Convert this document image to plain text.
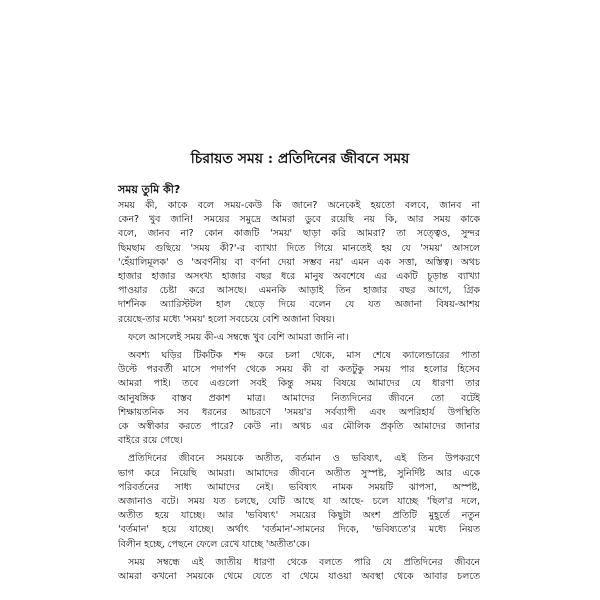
চিরায়ত সময় : প্রতিদিনের জীবনে সময়
সময় তুমি কী?
সময় কী, কাকে বলে সময়-কেউ কি জানে? অনেকেই হয়তো বলবে, জানব না
কেন? খুব জানি! সময়ের সমুদ্রে আমরা ডুবে রয়েছি নয় কি, আর সময় কাকে
বলে, জানব না? কোন কাজটি 'সময়' ছাড়া করি আমরা? তা সত্ত্বেও, সুন্দর
ছিমছাম গুছিয়ে 'সময় কী?'-র ব্যাখ্যা দিতে গিয়ে মানতেই হয় যে 'সময়' আসলে
'হেঁয়ালিমূলক' ও 'অবর্ণনীয় বা বর্ণনা দেয়া সম্ভব নয়' এমন এক সত্তা, অস্তিত্ব। অথচ
হাজার হাজার অসংখ্য হাজার বছর ধরে মানুষ অবশেষে এর একটি চূড়ান্ত ব্যাখ্যা
পাওয়ার চেষ্টা করে আসছে। এমনকি আড়াই তিন হাজার বছর আগে, গ্রিক
দার্শনিক অ্যারিস্টটল হাল ছেড়ে দিয়ে বলেন যে যত অজানা বিষয়-আশয়
রয়েছে-তার মধ্যে 'সময়' হলো সবচেয়ে বেশি অজানা বিষয়।
ফলে আসলেই সময় কী-এ সম্বন্ধে খুব বেশি আমরা জানি না।
অবশ্য ঘড়ির টিকটিক শব্দ করে চলা থেকে, মাস শেষে ক্যালেন্ডারের পাতা
উল্টে পরবর্তী মাসে পদার্পণ থেকে সময় কী বা কতটুকু সময় পার হলোর হিসেব
আমরা পাই। তবে এগুলো সবই কিন্তু সময় বিষয়ে আমাদের যে ধারণা তার
আনুষঙ্গিক বাস্তব প্রকাশ মাত্র। আমাদের নিত্যদিনের জীবনে তো বটেই
শিক্ষায়তনিক সব ধরনের আচরণে 'সময়'র সর্বব্যাপী এবং অপরিহার্য উপস্থিতি
কে অস্বীকার করতে পারে? কেউ না। অথচ এর মৌলিক প্রকৃতি আমাদের জানার
বাইরে রয়ে গেছে।
প্রতিদিনের জীবনে সময়কে অতীত, বর্তমান ও ভবিষ্যৎ, এই তিন উপকরণে
ভাগ করে নিয়েছি আমরা। আমাদের জীবনে অতীত সুস্পষ্ট, সুনির্দিষ্ট আর একে
পরিবর্তনের সাধ্য আমাদের নেই। ভবিষ্যৎ নামক সময়টি ঝাপসা, অস্পষ্ট,
অজানাও বটে। সময় যত চলছে, যেটি আছে যা আছে- চলে যাচ্ছে 'ছিল'র দলে,
অতীত হয়ে যাচ্ছে। আর 'ভবিষ্যৎ' সময়ের কিছুটা অংশ প্রতিটি মুহূর্তে নতুন
'বর্তমান' হয়ে যাচ্ছে। অর্থাৎ 'বর্তমান'-সামনের দিকে, 'ভবিষ্যতে'র মধ্যে নিয়ত
বিলীন হচ্ছে, পেছনে ফেলে রেখে যাচ্ছে 'অতীত'কে।
সময় সম্বন্ধে এই জাতীয় ধারণা থেকে বলতে পারি যে প্রতিদিনের জীবনে
আমরা কখনো সময়কে থেমে যেতে বা থেমে যাওয়া অবস্থা থেকে আবার চলতে
